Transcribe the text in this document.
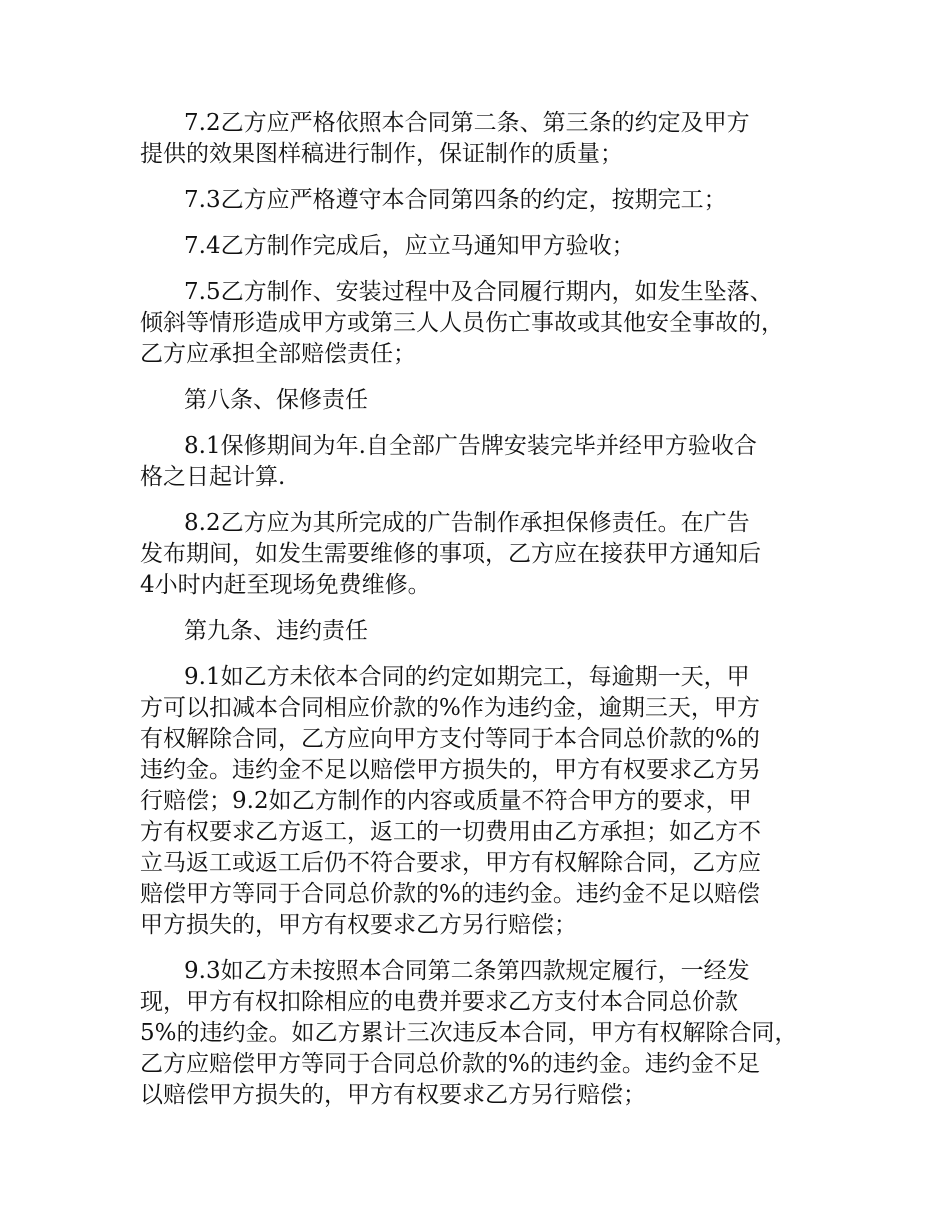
7.2乙方应严格依照本合同第二条、第三条的约定及甲方
提供的效果图样稿进行制作，保证制作的质量；

7.3乙方应严格遵守本合同第四条的约定，按期完工；

7.4乙方制作完成后，应立马通知甲方验收；

7.5乙方制作、安装过程中及合同履行期内，如发生坠落、
倾斜等情形造成甲方或第三人人员伤亡事故或其他安全事故的，
乙方应承担全部赔偿责任；

第八条、保修责任

8.1保修期间为年.自全部广告牌安装完毕并经甲方验收合
格之日起计算.

8.2乙方应为其所完成的广告制作承担保修责任。在广告
发布期间，如发生需要维修的事项，乙方应在接获甲方通知后
4小时内赶至现场免费维修。

第九条、违约责任

9.1如乙方未依本合同的约定如期完工，每逾期一天，甲
方可以扣减本合同相应价款的%作为违约金，逾期三天，甲方
有权解除合同，乙方应向甲方支付等同于本合同总价款的%的
违约金。违约金不足以赔偿甲方损失的，甲方有权要求乙方另
行赔偿；9.2如乙方制作的内容或质量不符合甲方的要求，甲
方有权要求乙方返工，返工的一切费用由乙方承担；如乙方不
立马返工或返工后仍不符合要求，甲方有权解除合同，乙方应
赔偿甲方等同于合同总价款的%的违约金。违约金不足以赔偿
甲方损失的，甲方有权要求乙方另行赔偿；

9.3如乙方未按照本合同第二条第四款规定履行，一经发
现，甲方有权扣除相应的电费并要求乙方支付本合同总价款
5%的违约金。如乙方累计三次违反本合同，甲方有权解除合同，
乙方应赔偿甲方等同于合同总价款的%的违约金。违约金不足
以赔偿甲方损失的，甲方有权要求乙方另行赔偿；
